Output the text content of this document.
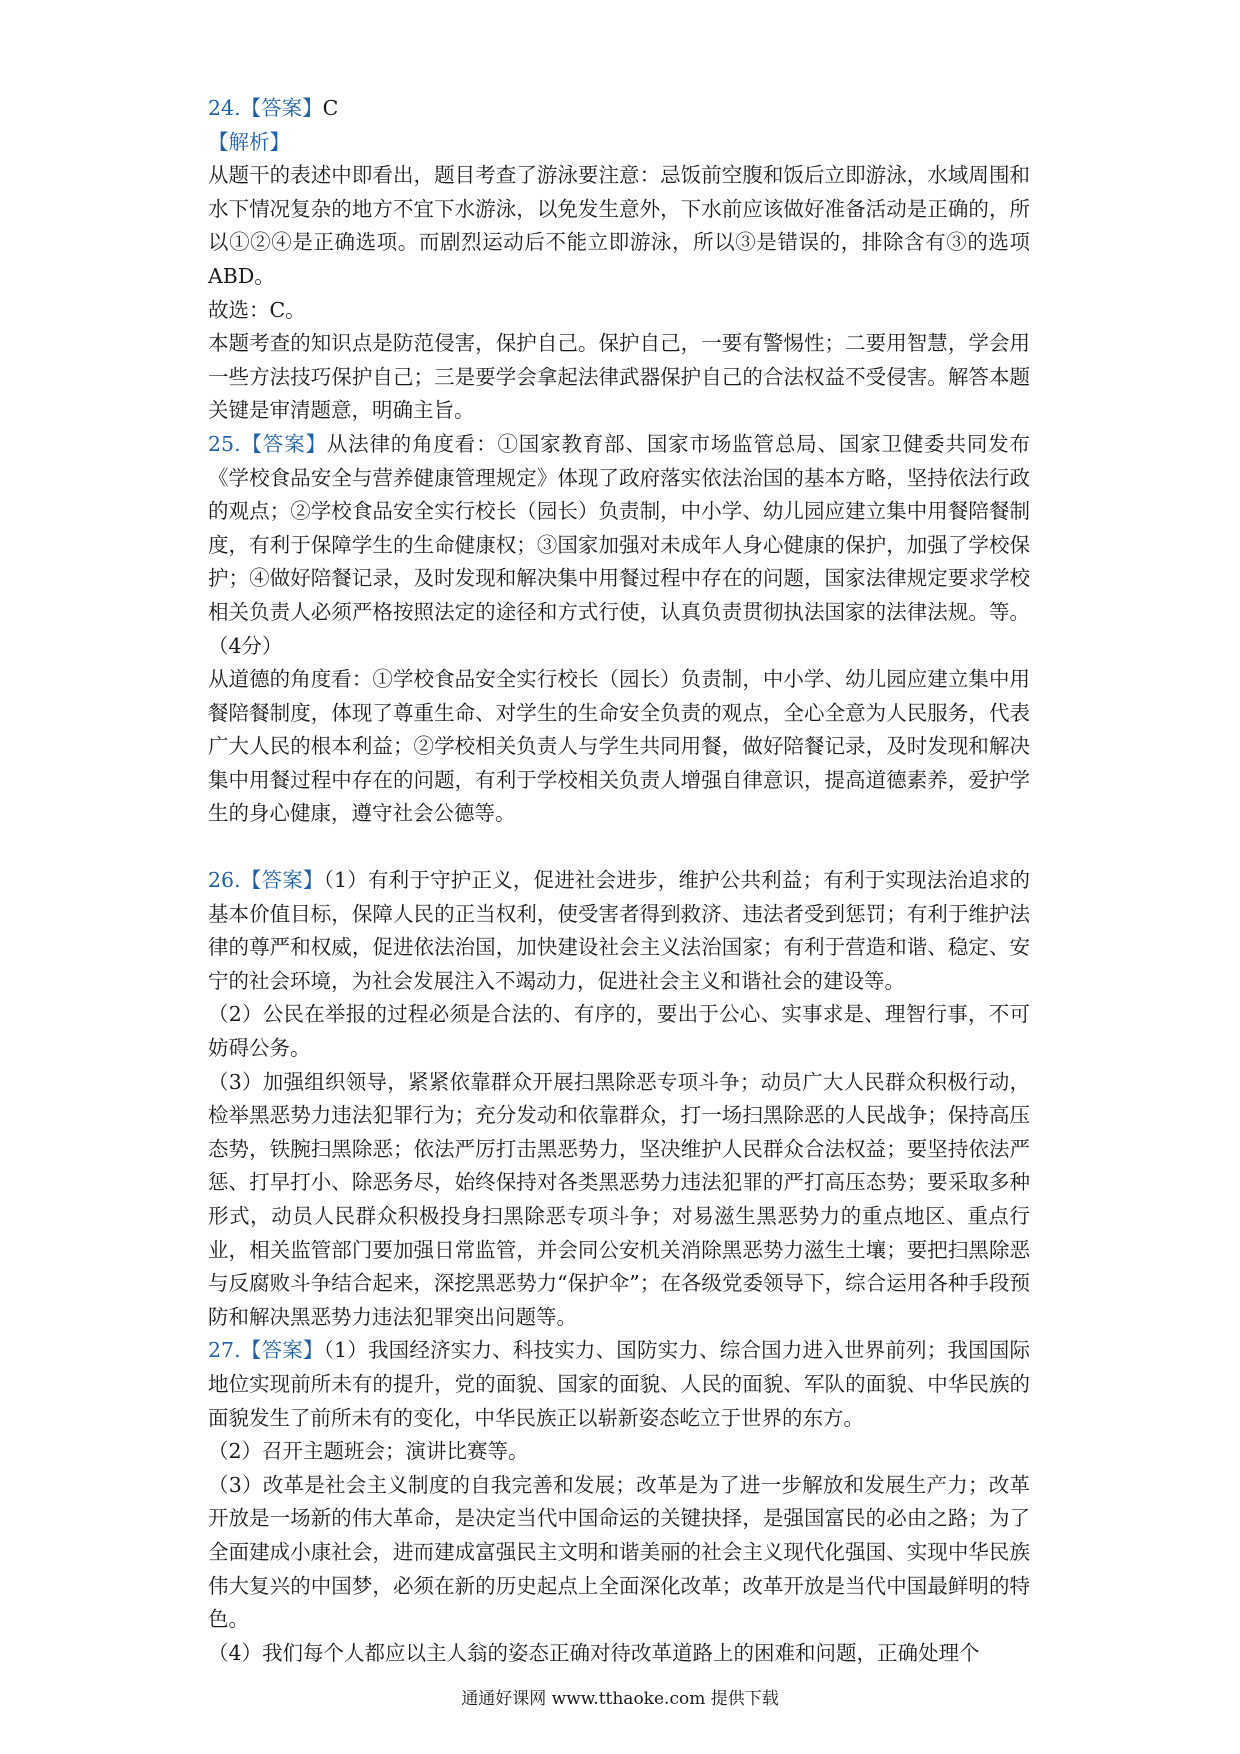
24.【答案】C

【解析】

从题干的表述中即看出，题目考查了游泳要注意：忌饭前空腹和饭后立即游泳，水域周围和水下情况复杂的地方不宜下水游泳，以免发生意外，下水前应该做好准备活动是正确的，所以①②④是正确选项。而剧烈运动后不能立即游泳，所以③是错误的，排除含有③的选项ABD。

故选：C。

本题考查的知识点是防范侵害，保护自己。保护自己，一要有警惕性；二要用智慧，学会用一些方法技巧保护自己；三是要学会拿起法律武器保护自己的合法权益不受侵害。解答本题关键是审清题意，明确主旨。

25.【答案】从法律的角度看：①国家教育部、国家市场监管总局、国家卫健委共同发布《学校食品安全与营养健康管理规定》体现了政府落实依法治国的基本方略，坚持依法行政的观点；②学校食品安全实行校长（园长）负责制，中小学、幼儿园应建立集中用餐陪餐制度，有利于保障学生的生命健康权；③国家加强对未成年人身心健康的保护，加强了学校保护；④做好陪餐记录，及时发现和解决集中用餐过程中存在的问题，国家法律规定要求学校相关负责人必须严格按照法定的途径和方式行使，认真负责贯彻执法国家的法律法规。等。（4分）

从道德的角度看：①学校食品安全实行校长（园长）负责制，中小学、幼儿园应建立集中用餐陪餐制度，体现了尊重生命、对学生的生命安全负责的观点，全心全意为人民服务，代表广大人民的根本利益；②学校相关负责人与学生共同用餐，做好陪餐记录，及时发现和解决集中用餐过程中存在的问题，有利于学校相关负责人增强自律意识，提高道德素养，爱护学生的身心健康，遵守社会公德等。

26.【答案】（1）有利于守护正义，促进社会进步，维护公共利益；有利于实现法治追求的基本价值目标，保障人民的正当权利，使受害者得到救济、违法者受到惩罚；有利于维护法律的尊严和权威，促进依法治国，加快建设社会主义法治国家；有利于营造和谐、稳定、安宁的社会环境，为社会发展注入不竭动力，促进社会主义和谐社会的建设等。

（2）公民在举报的过程必须是合法的、有序的，要出于公心、实事求是、理智行事，不可妨碍公务。

（3）加强组织领导，紧紧依靠群众开展扫黑除恶专项斗争；动员广大人民群众积极行动，检举黑恶势力违法犯罪行为；充分发动和依靠群众，打一场扫黑除恶的人民战争；保持高压态势，铁腕扫黑除恶；依法严厉打击黑恶势力，坚决维护人民群众合法权益；要坚持依法严惩、打早打小、除恶务尽，始终保持对各类黑恶势力违法犯罪的严打高压态势；要采取多种形式，动员人民群众积极投身扫黑除恶专项斗争；对易滋生黑恶势力的重点地区、重点行业，相关监管部门要加强日常监管，并会同公安机关消除黑恶势力滋生土壤；要把扫黑除恶与反腐败斗争结合起来，深挖黑恶势力“保护伞”；在各级党委领导下，综合运用各种手段预防和解决黑恶势力违法犯罪突出问题等。

27.【答案】（1）我国经济实力、科技实力、国防实力、综合国力进入世界前列；我国国际地位实现前所未有的提升，党的面貌、国家的面貌、人民的面貌、军队的面貌、中华民族的面貌发生了前所未有的变化，中华民族正以崭新姿态屹立于世界的东方。

（2）召开主题班会；演讲比赛等。

（3）改革是社会主义制度的自我完善和发展；改革是为了进一步解放和发展生产力；改革开放是一场新的伟大革命，是决定当代中国命运的关键抉择，是强国富民的必由之路；为了全面建成小康社会，进而建成富强民主文明和谐美丽的社会主义现代化强国、实现中华民族伟大复兴的中国梦，必须在新的历史起点上全面深化改革；改革开放是当代中国最鲜明的特色。

（4）我们每个人都应以主人翁的姿态正确对待改革道路上的困难和问题，正确处理个

通通好课网 www.tthaoke.com 提供下载
